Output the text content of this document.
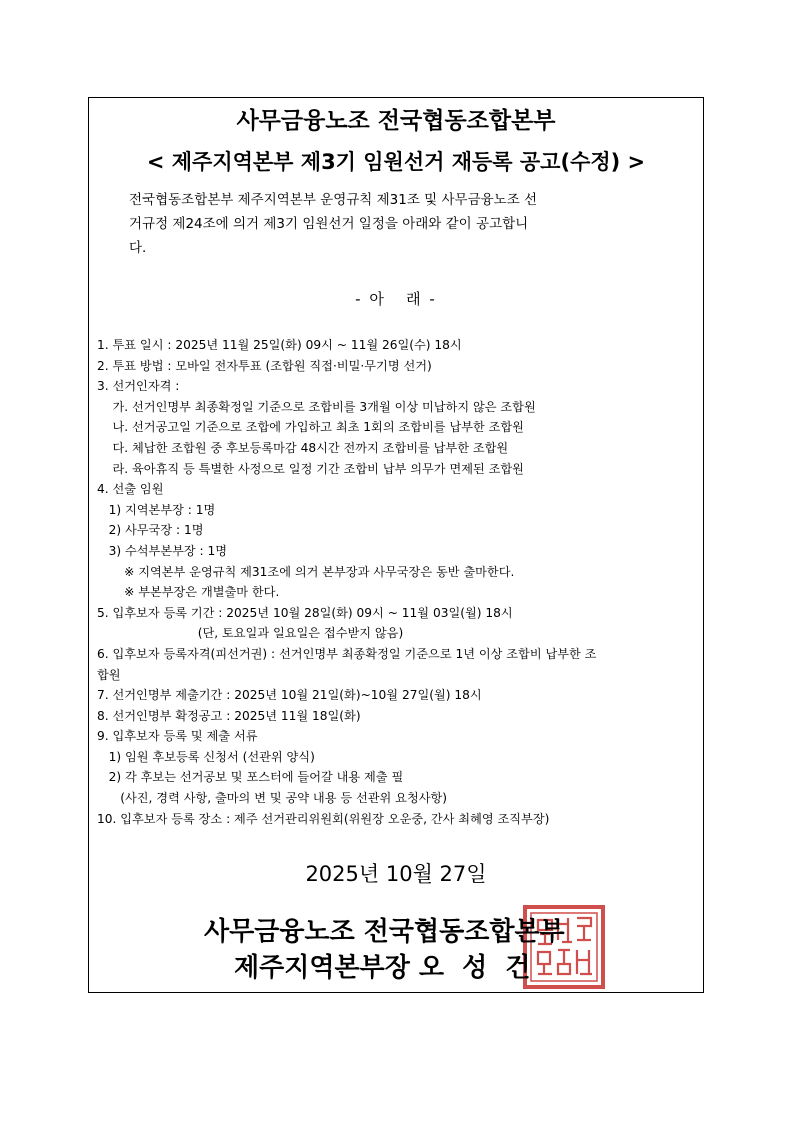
사무금융노조 전국협동조합본부
< 제주지역본부 제3기 임원선거 재등록 공고(수정) >
전국협동조합본부 제주지역본부 운영규칙 제31조 및 사무금융노조 선
거규정 제24조에 의거 제3기 임원선거 일정을 아래와 같이 공고합니
다.
- 아   래 -
1. 투표 일시 : 2025년 11월 25일(화) 09시 ~ 11월 26일(수) 18시
2. 투표 방법 : 모바일 전자투표 (조합원 직접·비밀·무기명 선거)
3. 선거인자격 :
가. 선거인명부 최종확정일 기준으로 조합비를 3개월 이상 미납하지 않은 조합원
나. 선거공고일 기준으로 조합에 가입하고 최초 1회의 조합비를 납부한 조합원
다. 체납한 조합원 중 후보등록마감 48시간 전까지 조합비를 납부한 조합원
라. 육아휴직 등 특별한 사정으로 일정 기간 조합비 납부 의무가 면제된 조합원
4. 선출 임원
1) 지역본부장 : 1명
2) 사무국장 : 1명
3) 수석부본부장 : 1명
※ 지역본부 운영규칙 제31조에 의거 본부장과 사무국장은 동반 출마한다.
※ 부본부장은 개별출마 한다.
5. 입후보자 등록 기간 : 2025년 10월 28일(화) 09시 ~ 11월 03일(월) 18시
(단, 토요일과 일요일은 접수받지 않음)
6. 입후보자 등록자격(피선거권) : 선거인명부 최종확정일 기준으로 1년 이상 조합비 납부한 조
합원
7. 선거인명부 제출기간 : 2025년 10월 21일(화)~10월 27일(월) 18시
8. 선거인명부 확정공고 : 2025년 11월 18일(화)
9. 입후보자 등록 및 제출 서류
1) 임원 후보등록 신청서 (선관위 양식)
2) 각 후보는 선거공보 및 포스터에 들어갈 내용 제출 필
(사진, 경력 사항, 출마의 변 및 공약 내용 등 선관위 요청사항)
10. 입후보자 등록 장소 : 제주 선거관리위원회(위원장 오운중, 간사 최혜영 조직부장)
2025년 10월 27일
사무금융노조 전국협동조합본부
제주지역본부장 오  성  건
